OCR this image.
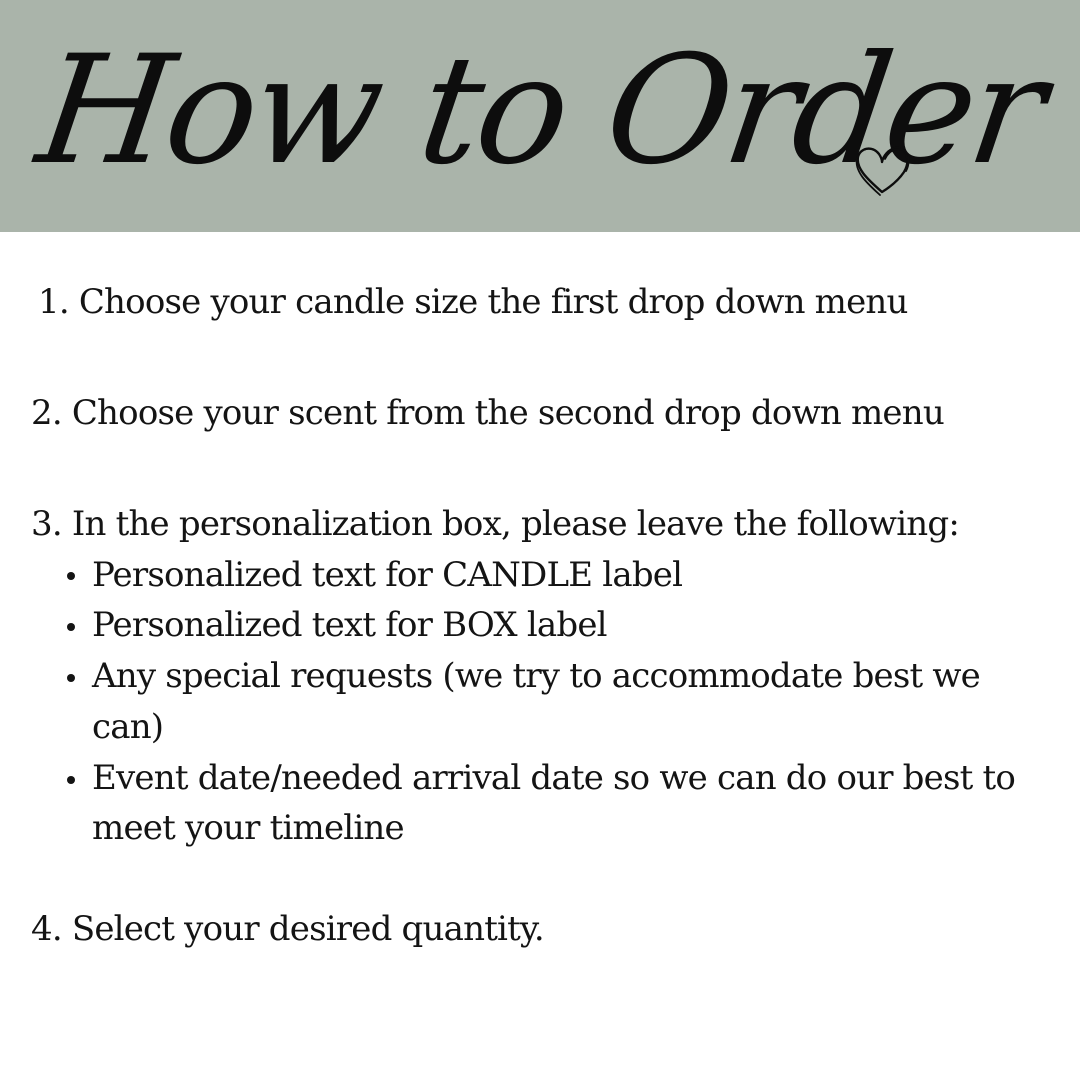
How to Order
1. Choose your candle size the first drop down menu
2. Choose your scent from the second drop down menu
3. In the personalization box, please leave the following:
Personalized text for CANDLE label
Personalized text for BOX label
Any special requests (we try to accommodate best we
can)
Event date/needed arrival date so we can do our best to
meet your timeline
4. Select your desired quantity.
